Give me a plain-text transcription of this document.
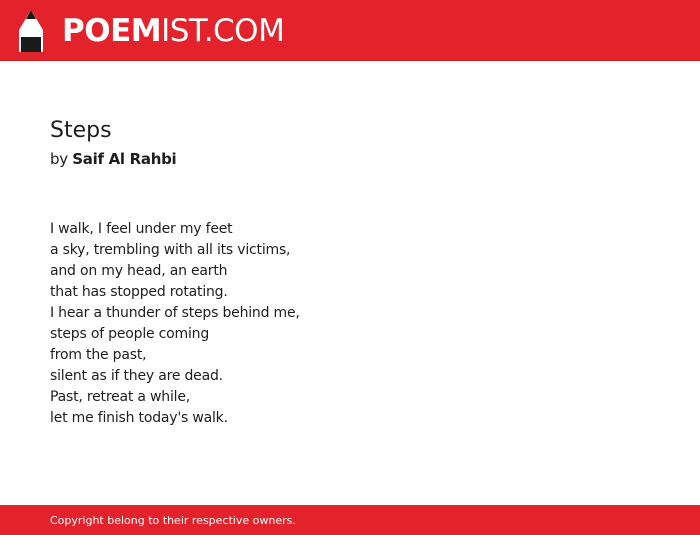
POEMIST.COM
Steps
by Saif Al Rahbi
I walk, I feel under my feet
a sky, trembling with all its victims,
and on my head, an earth
that has stopped rotating.
I hear a thunder of steps behind me,
steps of people coming
from the past,
silent as if they are dead.
Past, retreat a while,
let me finish today's walk.
Copyright belong to their respective owners.
